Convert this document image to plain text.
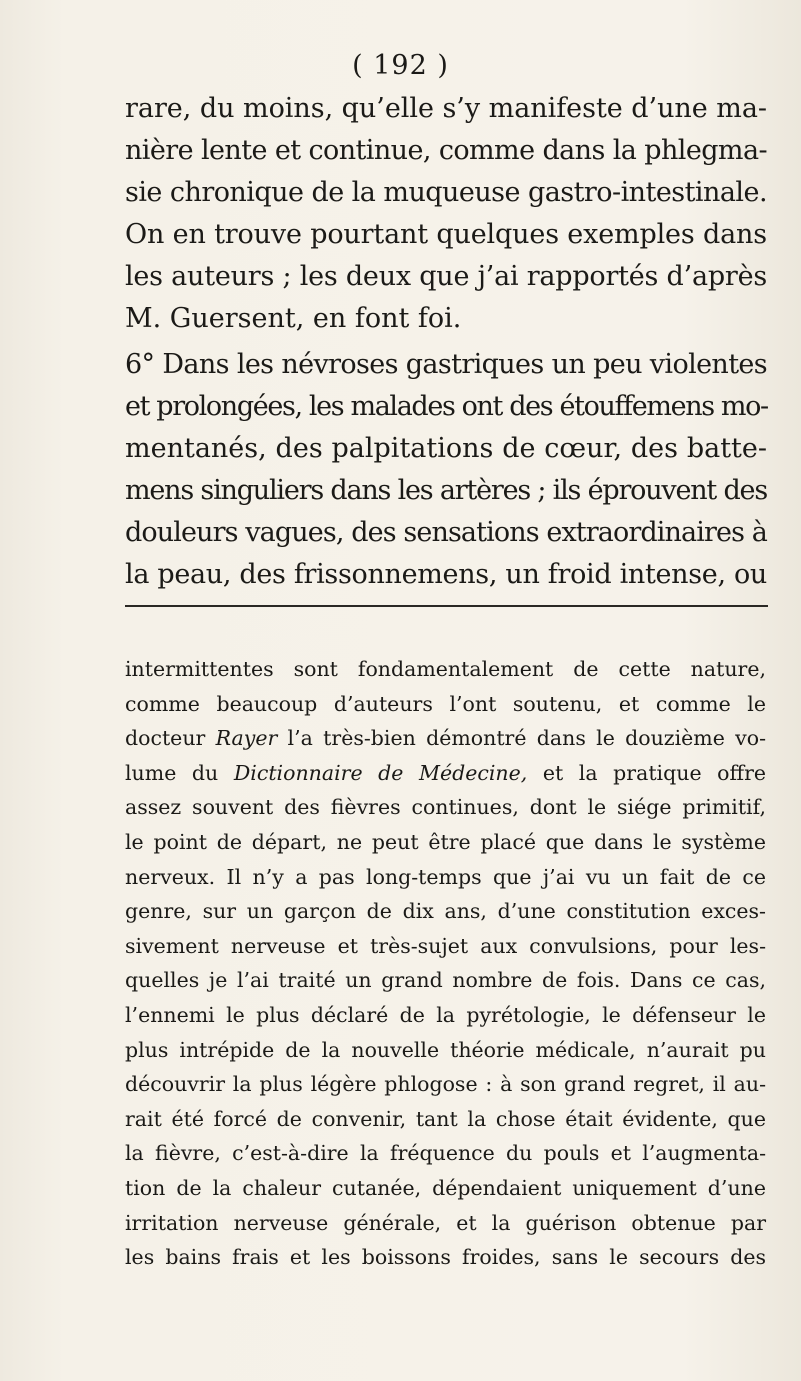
( 192 )
rare, du moins, qu’elle s’y manifeste d’une ma-
nière lente et continue, comme dans la phlegma-
sie chronique de la muqueuse gastro-intestinale.
On en trouve pourtant quelques exemples dans
les auteurs ; les deux que j’ai rapportés d’après
M. Guersent, en font foi.
6° Dans les névroses gastriques un peu violentes
et prolongées, les malades ont des étouffemens mo-
mentanés, des palpitations de cœur, des batte-
mens singuliers dans les artères ; ils éprouvent des
douleurs vagues, des sensations extraordinaires à
la peau, des frissonnemens, un froid intense, ou
intermittentes sont fondamentalement de cette nature,
comme beaucoup d’auteurs l’ont soutenu, et comme le
docteur Rayer l’a très-bien démontré dans le douzième vo-
lume du Dictionnaire de Médecine, et la pratique offre
assez souvent des fièvres continues, dont le siége primitif,
le point de départ, ne peut être placé que dans le système
nerveux. Il n’y a pas long-temps que j’ai vu un fait de ce
genre, sur un garçon de dix ans, d’une constitution exces-
sivement nerveuse et très-sujet aux convulsions, pour les-
quelles je l’ai traité un grand nombre de fois. Dans ce cas,
l’ennemi le plus déclaré de la pyrétologie, le défenseur le
plus intrépide de la nouvelle théorie médicale, n’aurait pu
découvrir la plus légère phlogose : à son grand regret, il au-
rait été forcé de convenir, tant la chose était évidente, que
la fièvre, c’est-à-dire la fréquence du pouls et l’augmenta-
tion de la chaleur cutanée, dépendaient uniquement d’une
irritation nerveuse générale, et la guérison obtenue par
les bains frais et les boissons froides, sans le secours des
